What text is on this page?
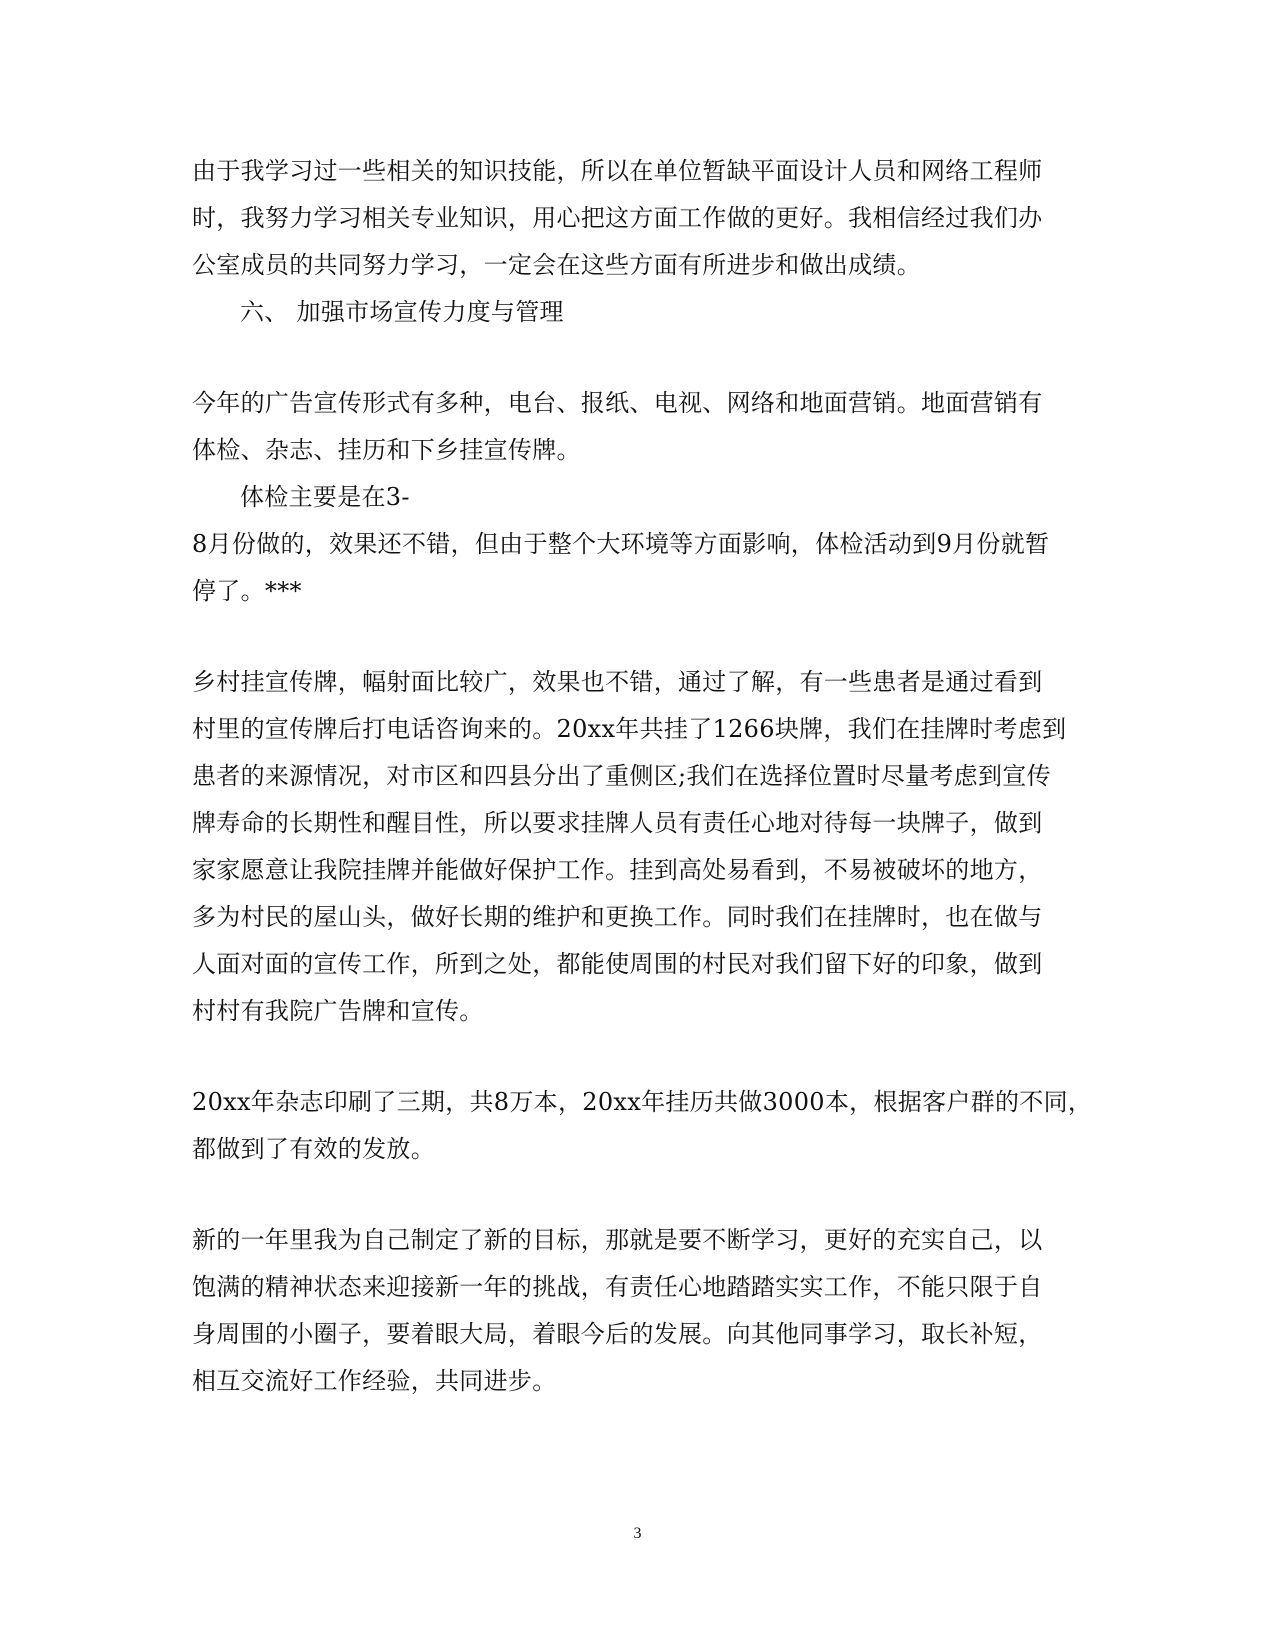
由于我学习过一些相关的知识技能，所以在单位暂缺平面设计人员和网络工程师
时，我努力学习相关专业知识，用心把这方面工作做的更好。我相信经过我们办
公室成员的共同努力学习，一定会在这些方面有所进步和做出成绩。
六、 加强市场宣传力度与管理
今年的广告宣传形式有多种，电台、报纸、电视、网络和地面营销。地面营销有
体检、杂志、挂历和下乡挂宣传牌。
体检主要是在3-
8月份做的，效果还不错，但由于整个大环境等方面影响，体检活动到9月份就暂
停了。***
乡村挂宣传牌，幅射面比较广，效果也不错，通过了解，有一些患者是通过看到
村里的宣传牌后打电话咨询来的。20xx年共挂了1266块牌，我们在挂牌时考虑到
患者的来源情况，对市区和四县分出了重侧区;我们在选择位置时尽量考虑到宣传
牌寿命的长期性和醒目性，所以要求挂牌人员有责任心地对待每一块牌子，做到
家家愿意让我院挂牌并能做好保护工作。挂到高处易看到，不易被破坏的地方，
多为村民的屋山头，做好长期的维护和更换工作。同时我们在挂牌时，也在做与
人面对面的宣传工作，所到之处，都能使周围的村民对我们留下好的印象，做到
村村有我院广告牌和宣传。
20xx年杂志印刷了三期，共8万本，20xx年挂历共做3000本，根据客户群的不同，
都做到了有效的发放。
新的一年里我为自己制定了新的目标，那就是要不断学习，更好的充实自己，以
饱满的精神状态来迎接新一年的挑战，有责任心地踏踏实实工作，不能只限于自
身周围的小圈子，要着眼大局，着眼今后的发展。向其他同事学习，取长补短，
相互交流好工作经验，共同进步。
3
